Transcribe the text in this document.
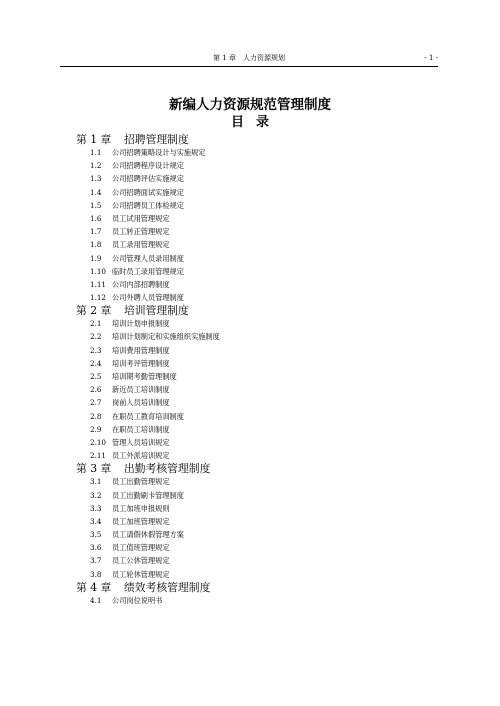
第 1 章　人力资源规划	- 1 -
新编人力资源规范管理制度
目录
第 1 章 招聘管理制度
1.1 公司招聘策略设计与实施规定
1.2 公司招聘程序设计规定
1.3 公司招聘评估实施规定
1.4 公司招聘面试实施规定
1.5 公司招聘员工体检规定
1.6 员工试用管理规定
1.7 员工转正管理规定
1.8 员工录用管理规定
1.9 公司管理人员录用制度
1.10 临时员工录用管理规定
1.11 公司内部招聘制度
1.12 公司外聘人员管理制度
第 2 章 培训管理制度
2.1 培训计划申报制度
2.2 培训计划制定和实施组织实施制度
2.3 培训费用管理制度
2.4 培训考评管理制度
2.5 培训期考勤管理制度
2.6 新近员工培训制度
2.7 岗前人员培训制度
2.8 在职员工教育培训制度
2.9 在职员工培训制度
2.10 管理人员培训规定
2.11 员工外派培训规定
第 3 章 出勤考核管理制度
3.1 员工出勤管理规定
3.2 员工出勤刷卡管理制度
3.3 员工加班申报规则
3.4 员工加班管理规定
3.5 员工请假休假管理方案
3.6 员工值班管理规定
3.7 员工公休管理规定
3.8 员工轮休管理规定
第 4 章 绩效考核管理制度
4.1 公司岗位说明书
